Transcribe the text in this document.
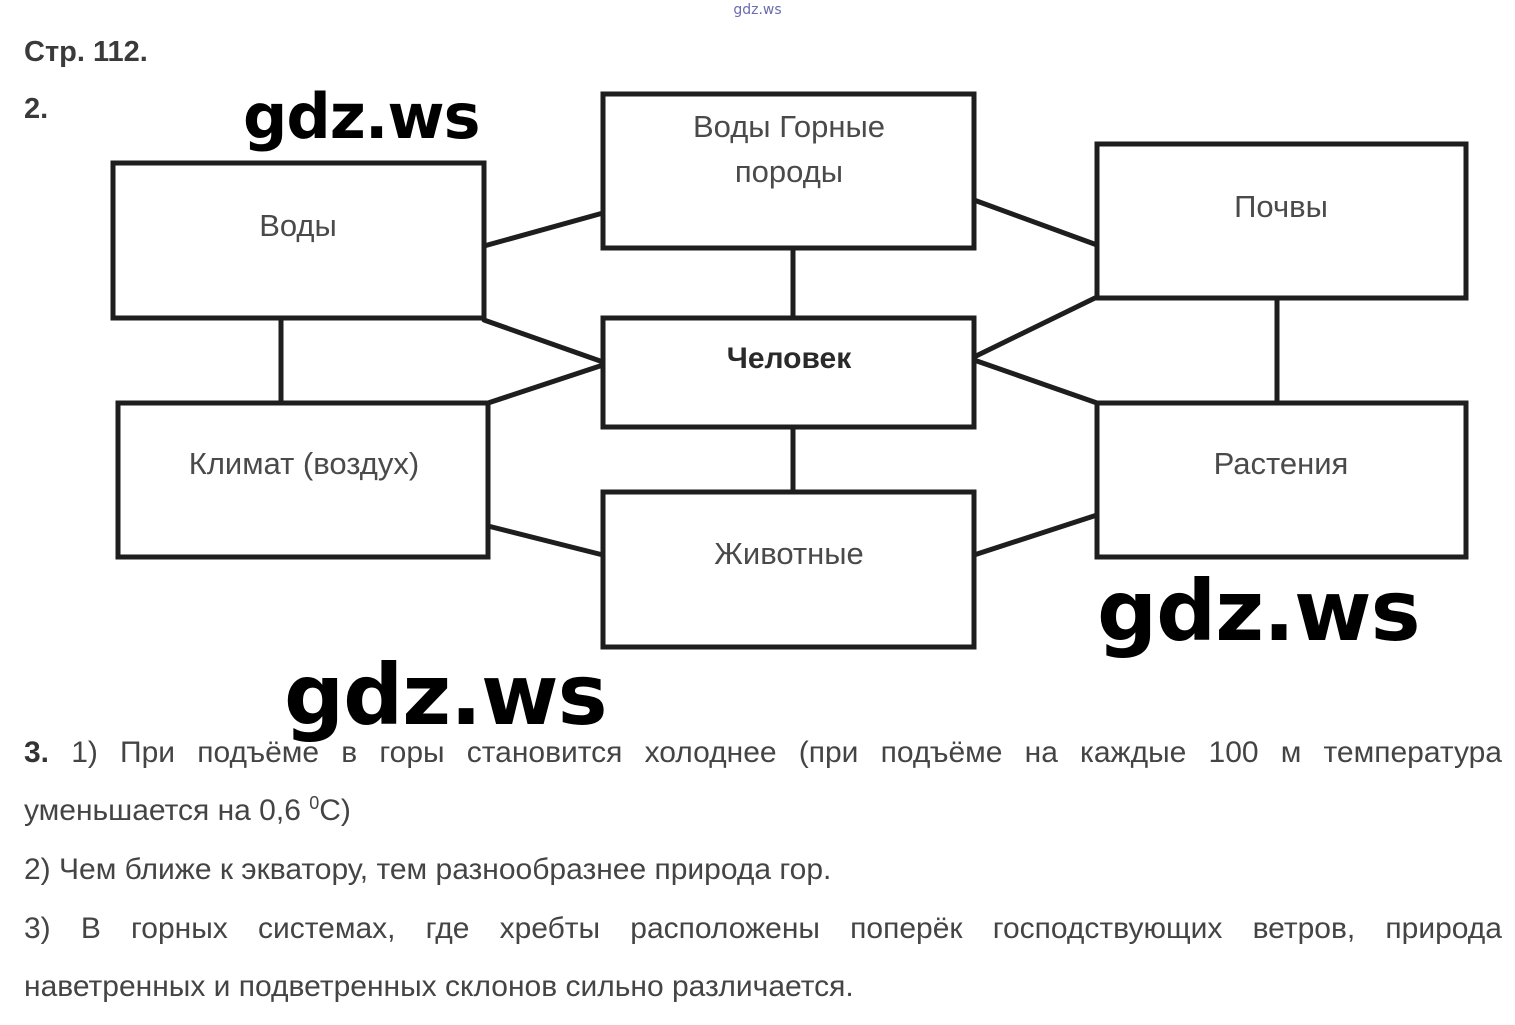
gdz.ws
Стр. 112.
2.	Воды Горные
породы
Воды
Почвы
Человек
Климат (воздух)	Растения
Животные
gdz.ws
gdz.ws
gdz.ws
3. 1) При подъёме в горы становится холоднее (при подъёме на каждые 100 м температура
уменьшается на 0,6 $^0$С)
2) Чем ближе к экватору, тем разнообразнее природа гор.
3) В горных системах, где хребты расположены поперёк господствующих ветров, природа
наветренных и подветренных склонов сильно различается.
